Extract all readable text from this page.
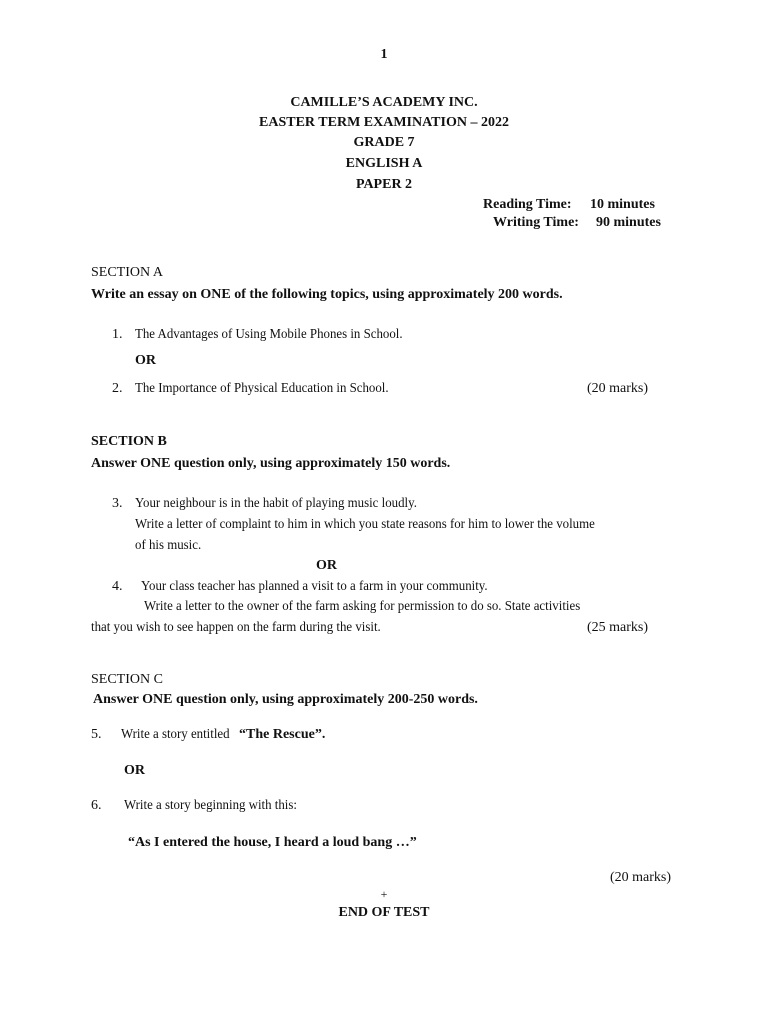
1
CAMILLE’S ACADEMY INC.
EASTER TERM EXAMINATION – 2022
GRADE 7
ENGLISH A
PAPER 2
Reading Time: 10 minutes
Writing Time: 90 minutes
SECTION A
Write an essay on ONE of the following topics, using approximately 200 words.
1. The Advantages of Using Mobile Phones in School.
OR
2. The Importance of Physical Education in School.	(20 marks)
SECTION B
Answer ONE question only, using approximately 150 words.
3. Your neighbour is in the habit of playing music loudly.
Write a letter of complaint to him in which you state reasons for him to lower the volume
of his music.
OR
4. Your class teacher has planned a visit to a farm in your community.
Write a letter to the owner of the farm asking for permission to do so. State activities
that you wish to see happen on the farm during the visit.	(25 marks)
SECTION C
Answer ONE question only, using approximately 200-250 words.
5. Write a story entitled“The Rescue”.
OR
6. Write a story beginning with this:
“As I entered the house, I heard a loud bang …”
(20 marks)
+
END OF TEST
